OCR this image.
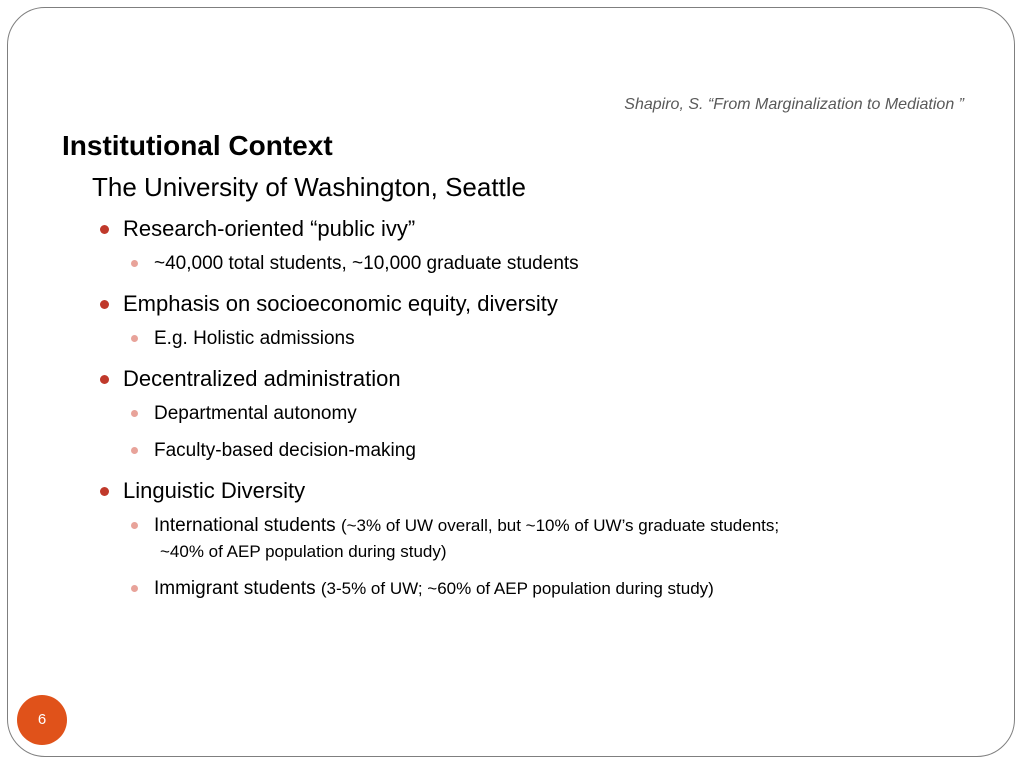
Shapiro, S. “From Marginalization to Mediation ”
Institutional Context
The University of Washington, Seattle
Research-oriented “public ivy”
~40,000 total students, ~10,000 graduate students
Emphasis on socioeconomic equity, diversity
E.g. Holistic admissions
Decentralized administration
Departmental autonomy
Faculty-based decision-making
Linguistic Diversity
International students (~3% of UW overall, but ~10% of UW’s graduate students;
~40% of AEP population during study)
Immigrant students (3-5% of UW; ~60% of AEP population during study)
6
